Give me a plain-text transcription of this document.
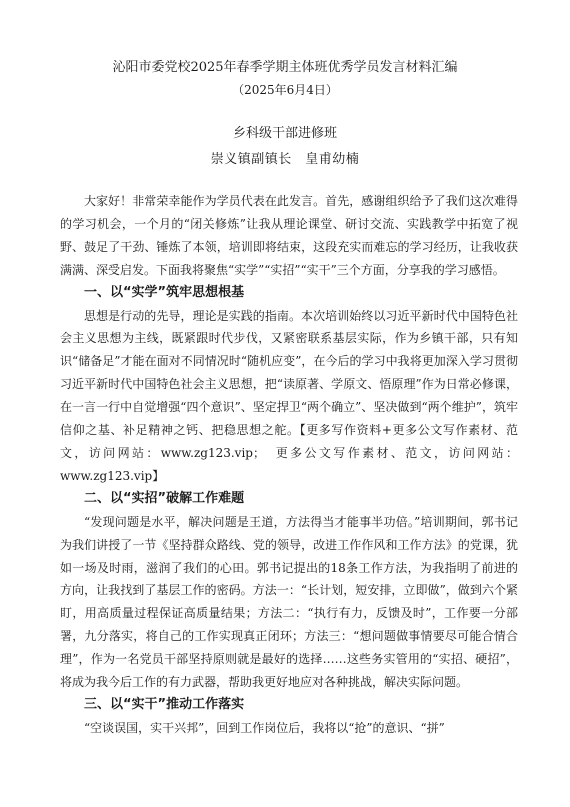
沁阳市委党校2025年春季学期主体班优秀学员发言材料汇编
（2025年6月4日）
乡科级干部进修班
崇义镇副镇长　皇甫幼楠

大家好！非常荣幸能作为学员代表在此发言。首先，感谢组织给予了我们这次难得的学习机会，一个月的“闭关修炼”让我从理论课堂、研讨交流、实践教学中拓宽了视野、鼓足了干劲、锤炼了本领，培训即将结束，这段充实而难忘的学习经历，让我收获满满、深受启发。下面我将聚焦“实学”“实招”“实干”三个方面，分享我的学习感悟。

一、以“实学”筑牢思想根基

思想是行动的先导，理论是实践的指南。本次培训始终以习近平新时代中国特色社会主义思想为主线，既紧跟时代步伐，又紧密联系基层实际，作为乡镇干部，只有知识“储备足”才能在面对不同情况时“随机应变”，在今后的学习中我将更加深入学习贯彻习近平新时代中国特色社会主义思想，把“读原著、学原文、悟原理”作为日常必修课，在一言一行中自觉增强“四个意识”、坚定捍卫“两个确立”、坚决做到“两个维护”，筑牢信仰之基、补足精神之钙、把稳思想之舵。【更多写作资料+更多公文写作素材、范文，访问网站：www.zg123.vip；　更多公文写作素材、范文，访问网站：www.zg123.vip】

二、以“实招”破解工作难题

“发现问题是水平，解决问题是王道，方法得当才能事半功倍。”培训期间，郭书记为我们讲授了一节《坚持群众路线、党的领导，改进工作作风和工作方法》的党课，犹如一场及时雨，滋润了我们的心田。郭书记提出的18条工作方法，为我指明了前进的方向，让我找到了基层工作的密码。方法一：“长计划，短安排，立即做”，做到六个紧盯，用高质量过程保证高质量结果；方法二：“执行有力，反馈及时”，工作要一分部署，九分落实，将自己的工作实现真正闭环；方法三：“想问题做事情要尽可能合情合理”，作为一名党员干部坚持原则就是最好的选择……这些务实管用的“实招、硬招”，将成为我今后工作的有力武器，帮助我更好地应对各种挑战，解决实际问题。

三、以“实干”推动工作落实

“空谈误国，实干兴邦”，回到工作岗位后，我将以“抢”的意识、“拼”
